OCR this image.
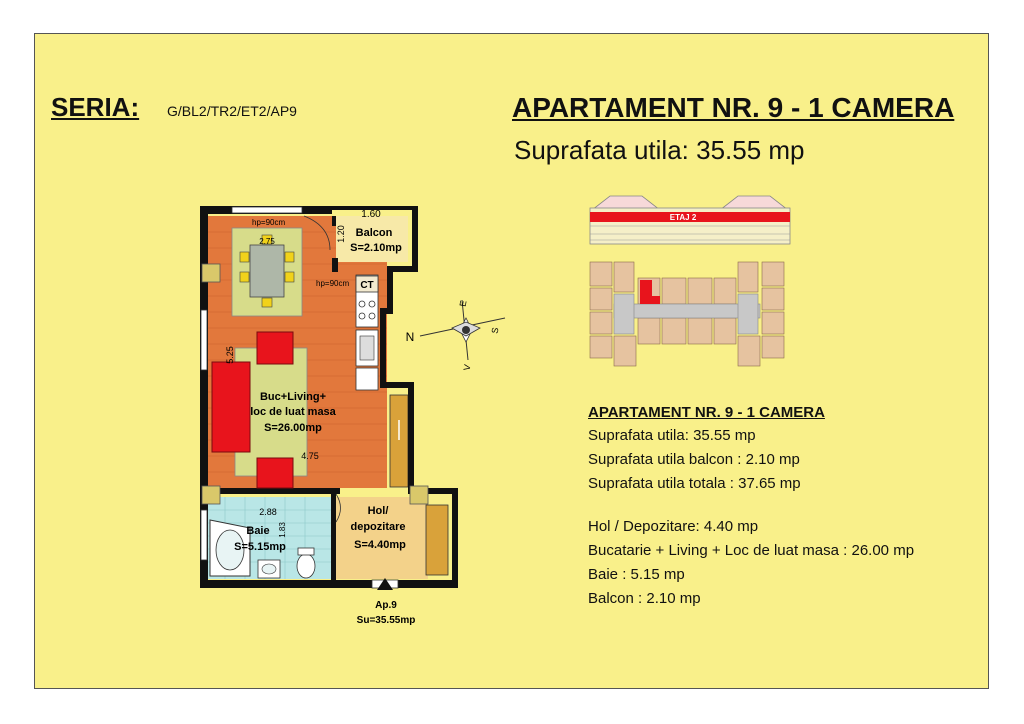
SERIA: G/BL2/TR2/ET2/AP9	APARTAMENT NR. 9 - 1 CAMERA
Suprafata utila: 35.55 mp
1.60
hp=90cm
2.75
Balcon
S=2.10mp
1.20
hp=90cm CT
5.25
Buc+Living+
loc de luat masa
S=26.00mp
4.75
2.88
1.83
Baie
S=5.15mp
Hol/
depozitare
S=4.40mp
Ap.9
Su=35.55mp
N
E
S
V
ETAJ 2
APARTAMENT NR. 9 - 1 CAMERA
Suprafata utila: 35.55 mp
Suprafata utila balcon : 2.10 mp
Suprafata utila totala : 37.65 mp
Hol / Depozitare: 4.40 mp
Bucatarie + Living + Loc de luat masa : 26.00 mp
Baie : 5.15 mp
Balcon : 2.10 mp
